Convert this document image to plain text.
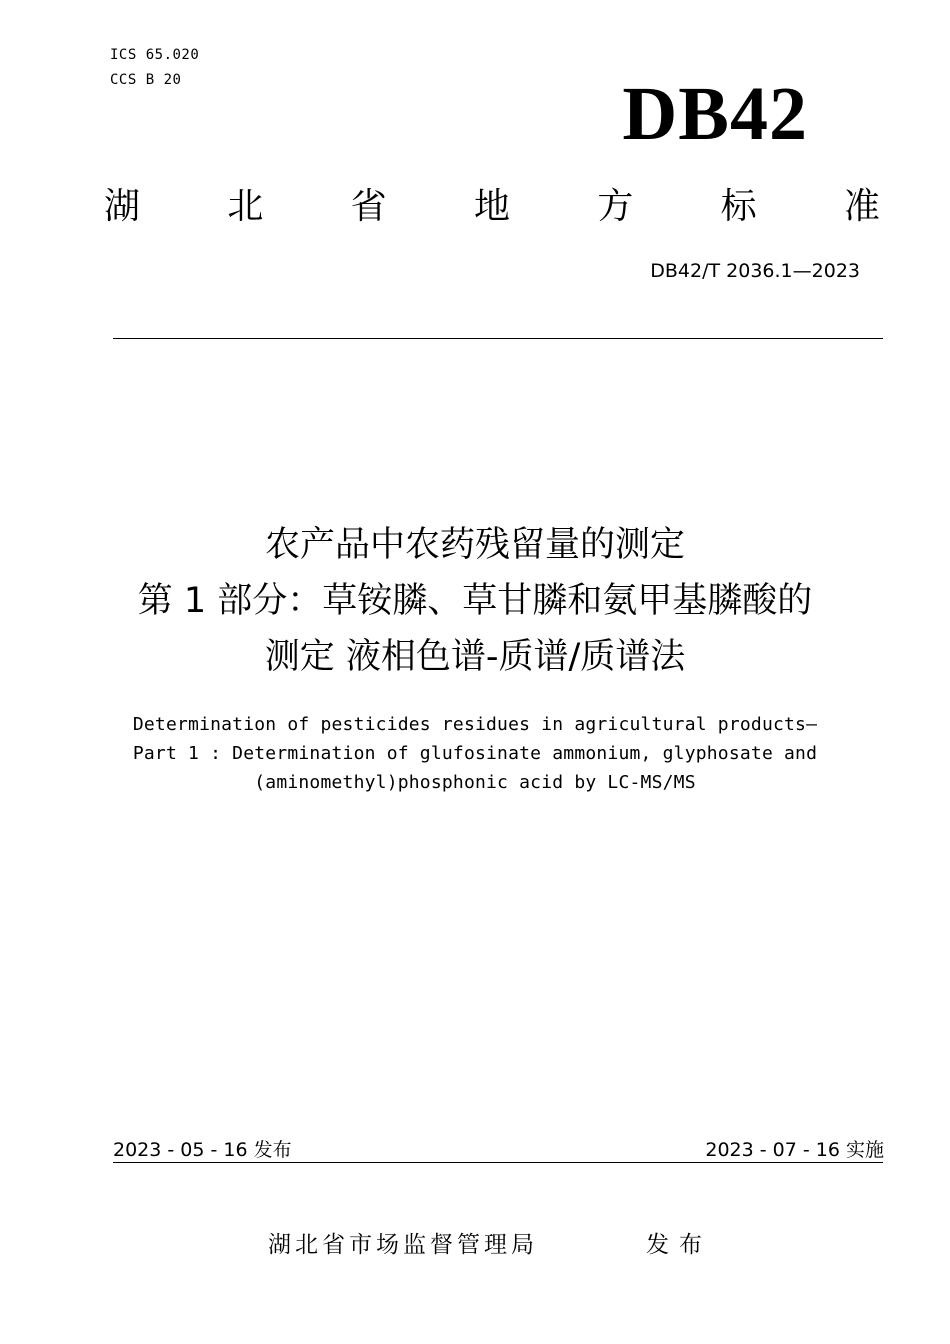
ICS 65.020
CCS B 20	DB42
湖 北 省 地 方 标 准
DB42/T 2036.1—2023
农产品中农药残留量的测定
第 1 部分：草铵膦、草甘膦和氨甲基膦酸的
测定 液相色谱-质谱/质谱法
Determination of pesticides residues in agricultural products—
Part 1 : Determination of glufosinate ammonium, glyphosate and
(aminomethyl)phosphonic acid by LC-MS/MS
2023 - 05 - 16 发布	2023 - 07 - 16 实施
湖北省市场监督管理局	发布
